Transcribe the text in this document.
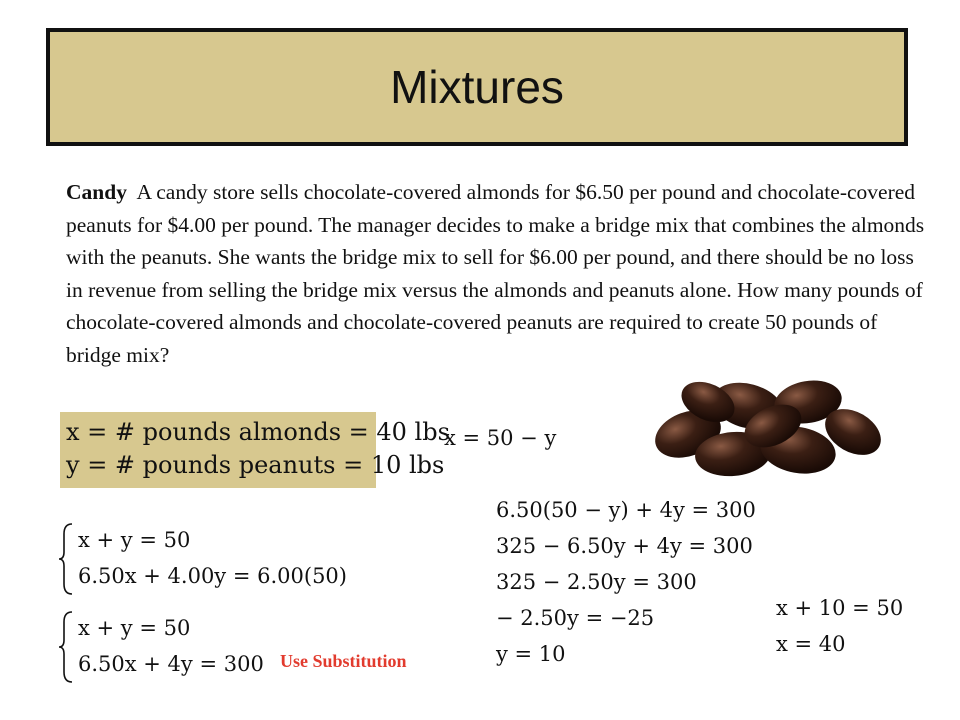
Mixtures

Candy A candy store sells chocolate-covered almonds for $6.50 per pound and chocolate-covered peanuts for $4.00 per pound. The manager decides to make a bridge mix that combines the almonds with the peanuts. She wants the bridge mix to sell for $6.00 per pound, and there should be no loss in revenue from selling the bridge mix versus the almonds and peanuts alone. How many pounds of chocolate-covered almonds and chocolate-covered peanuts are required to create 50 pounds of bridge mix?

x = # pounds almonds = 40 lbs
y = # pounds peanuts = 10 lbs
x = 50 − y
x + y = 50
6.50x + 4.00y = 6.00(50)
x + y = 50
6.50x + 4y = 300 Use Substitution
6.50(50 − y) + 4y = 300
325 − 6.50y + 4y = 300
325 − 2.50y = 300
− 2.50y = −25
y = 10
x + 10 = 50
x = 40
